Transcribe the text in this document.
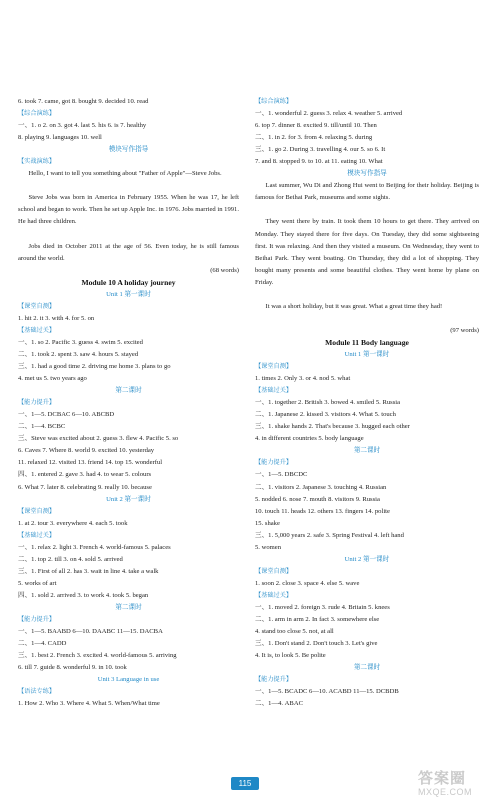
6. took 7. came, got 8. bought 9. decided 10. read
【综合演练】
一、1. o 2. on 3. got 4. last 5. his 6. is 7. healthy
8. playing 9. languages 10. well
模块写作指导
【实战演练】
Hello, I want to tell you something about "Father of Apple"—Steve Jobs.
Steve Jobs was born in America in February 1955. When he was 17, he left school and began to work. Then he set up Apple Inc. in 1976. Jobs married in 1991. He had three children.
Jobs died in October 2011 at the age of 56. Even today, he is still famous around the world.
(68 words)
Module 10 A holiday journey
Unit 1 第一课时
【课堂自测】
1. hit 2. it 3. with 4. for 5. on
【基础过关】
一、1. so 2. Pacific 3. guess 4. swim 5. excited
二、1. took 2. spent 3. saw 4. hours 5. stayed
三、1. had a good time 2. driving me home 3. plans to go
4. met us 5. two years ago
第二课时
【能力提升】
一、1—5. DCBAC 6—10. ABCBD
二、1—4. BCBC
三、Steve was excited about 2. guess 3. flew 4. Pacific 5. so
6. Caves 7. Where 8. world 9. excited 10. yesterday
11. relaxed 12. visited 13. friend 14. top 15. wonderful
四、1. entered 2. gave 3. had 4. to wear 5. colours
6. What 7. later 8. celebrating 9. really 10. because
Unit 2 第一课时
【课堂自测】
1. at 2. tour 3. everywhere 4. each 5. took
【基础过关】
一、1. relax 2. light 3. French 4. world-famous 5. palaces
二、1. top 2. till 3. on 4. sold 5. arrived
三、1. First of all 2. has 3. wait in line 4. take a walk
5. works of art
四、1. sold 2. arrived 3. to work 4. took 5. began
第二课时
【能力提升】
一、1—5. BAABD 6—10. DAABC 11—15. DACBA
二、1—4. CADD
三、1. best 2. French 3. excited 4. world-famous 5. arriving
6. till 7. guide 8. wonderful 9. in 10. took
Unit 3 Language in use
【语法专练】
1. How 2. Who 3. Where 4. What 5. When/What time
【综合演练】
一、1. wonderful 2. guess 3. relax 4. weather 5. arrived
6. top 7. dinner 8. excited 9. till/until 10. Then
二、1. in 2. for 3. from 4. relaxing 5. during
三、1. go 2. During 3. travelling 4. our 5. so 6. It
7. and 8. stopped 9. to 10. at 11. eating 10. What
模块写作指导
Last summer, Wu Di and Zhong Hui went to Beijing for their holiday. Beijing is famous for Beihai Park, museums and some sights.
They went there by train. It took them 10 hours to get there. They arrived on Monday. They stayed there for five days. On Tuesday, they did some sightseeing first. It was relaxing. And then they visited a museum. On Wednesday, they went to Beihai Park. They went boating. On Thursday, they did a lot of shopping. They bought many presents and some beautiful clothes. They went home by plane on Friday.
It was a short holiday, but it was great. What a great time they had!
(97 words)
Module 11 Body language
Unit 1 第一课时
【课堂自测】
1. times 2. Only 3. or 4. nod 5. what
【基础过关】
一、1. together 2. British 3. bowed 4. smiled 5. Russia
二、1. Japanese 2. kissed 3. visitors 4. What 5. touch
三、1. shake hands 2. That's because 3. hugged each other
4. in different countries 5. body language
第二课时
【能力提升】
一、1—5. DBCDC
二、1. visitors 2. Japanese 3. touching 4. Russian
5. nodded 6. nose 7. mouth 8. visitors 9. Russia
10. touch 11. heads 12. others 13. fingers 14. polite
15. shake
三、1. 5,000 years 2. safe 3. Spring Festival 4. left hand
5. women
Unit 2 第一课时
【课堂自测】
1. soon 2. close 3. space 4. else 5. wave
【基础过关】
一、1. moved 2. foreign 3. rude 4. Britain 5. knees
二、1. arm in arm 2. In fact 3. somewhere else
4. stand too close 5. not, at all
三、1. Don't stand 2. Don't touch 3. Let's give
4. It is, to look 5. Be polite
第二课时
【能力提升】
一、1—5. BCADC 6—10. ACABD 11—15. DCBDB
二、1—4. ABAC
115	答案圈
MXQE.COM
